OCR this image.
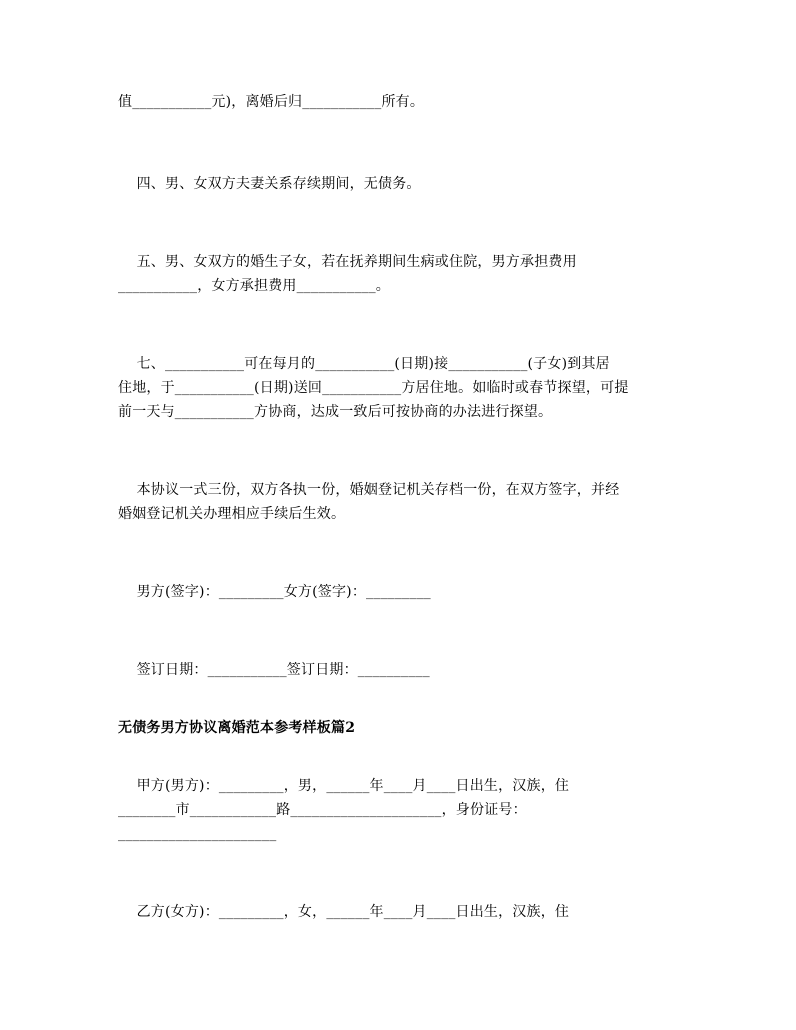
值___________元)，离婚后归___________所有。
四、男、女双方夫妻关系存续期间，无债务。
五、男、女双方的婚生子女，若在抚养期间生病或住院，男方承担费用
___________，女方承担费用___________。
七、___________可在每月的___________(日期)接___________(子女)到其居
住地，于___________(日期)送回___________方居住地。如临时或春节探望，可提
前一天与___________方协商，达成一致后可按协商的办法进行探望。
本协议一式三份，双方各执一份，婚姻登记机关存档一份，在双方签字，并经
婚姻登记机关办理相应手续后生效。
男方(签字)：_________女方(签字)：_________
签订日期：___________签订日期：__________
无债务男方协议离婚范本参考样板篇2
甲方(男方)：_________，男，______年____月____日出生，汉族，住
________市____________路_____________________，身份证号：
______________________
乙方(女方)：_________，女，______年____月____日出生，汉族，住
